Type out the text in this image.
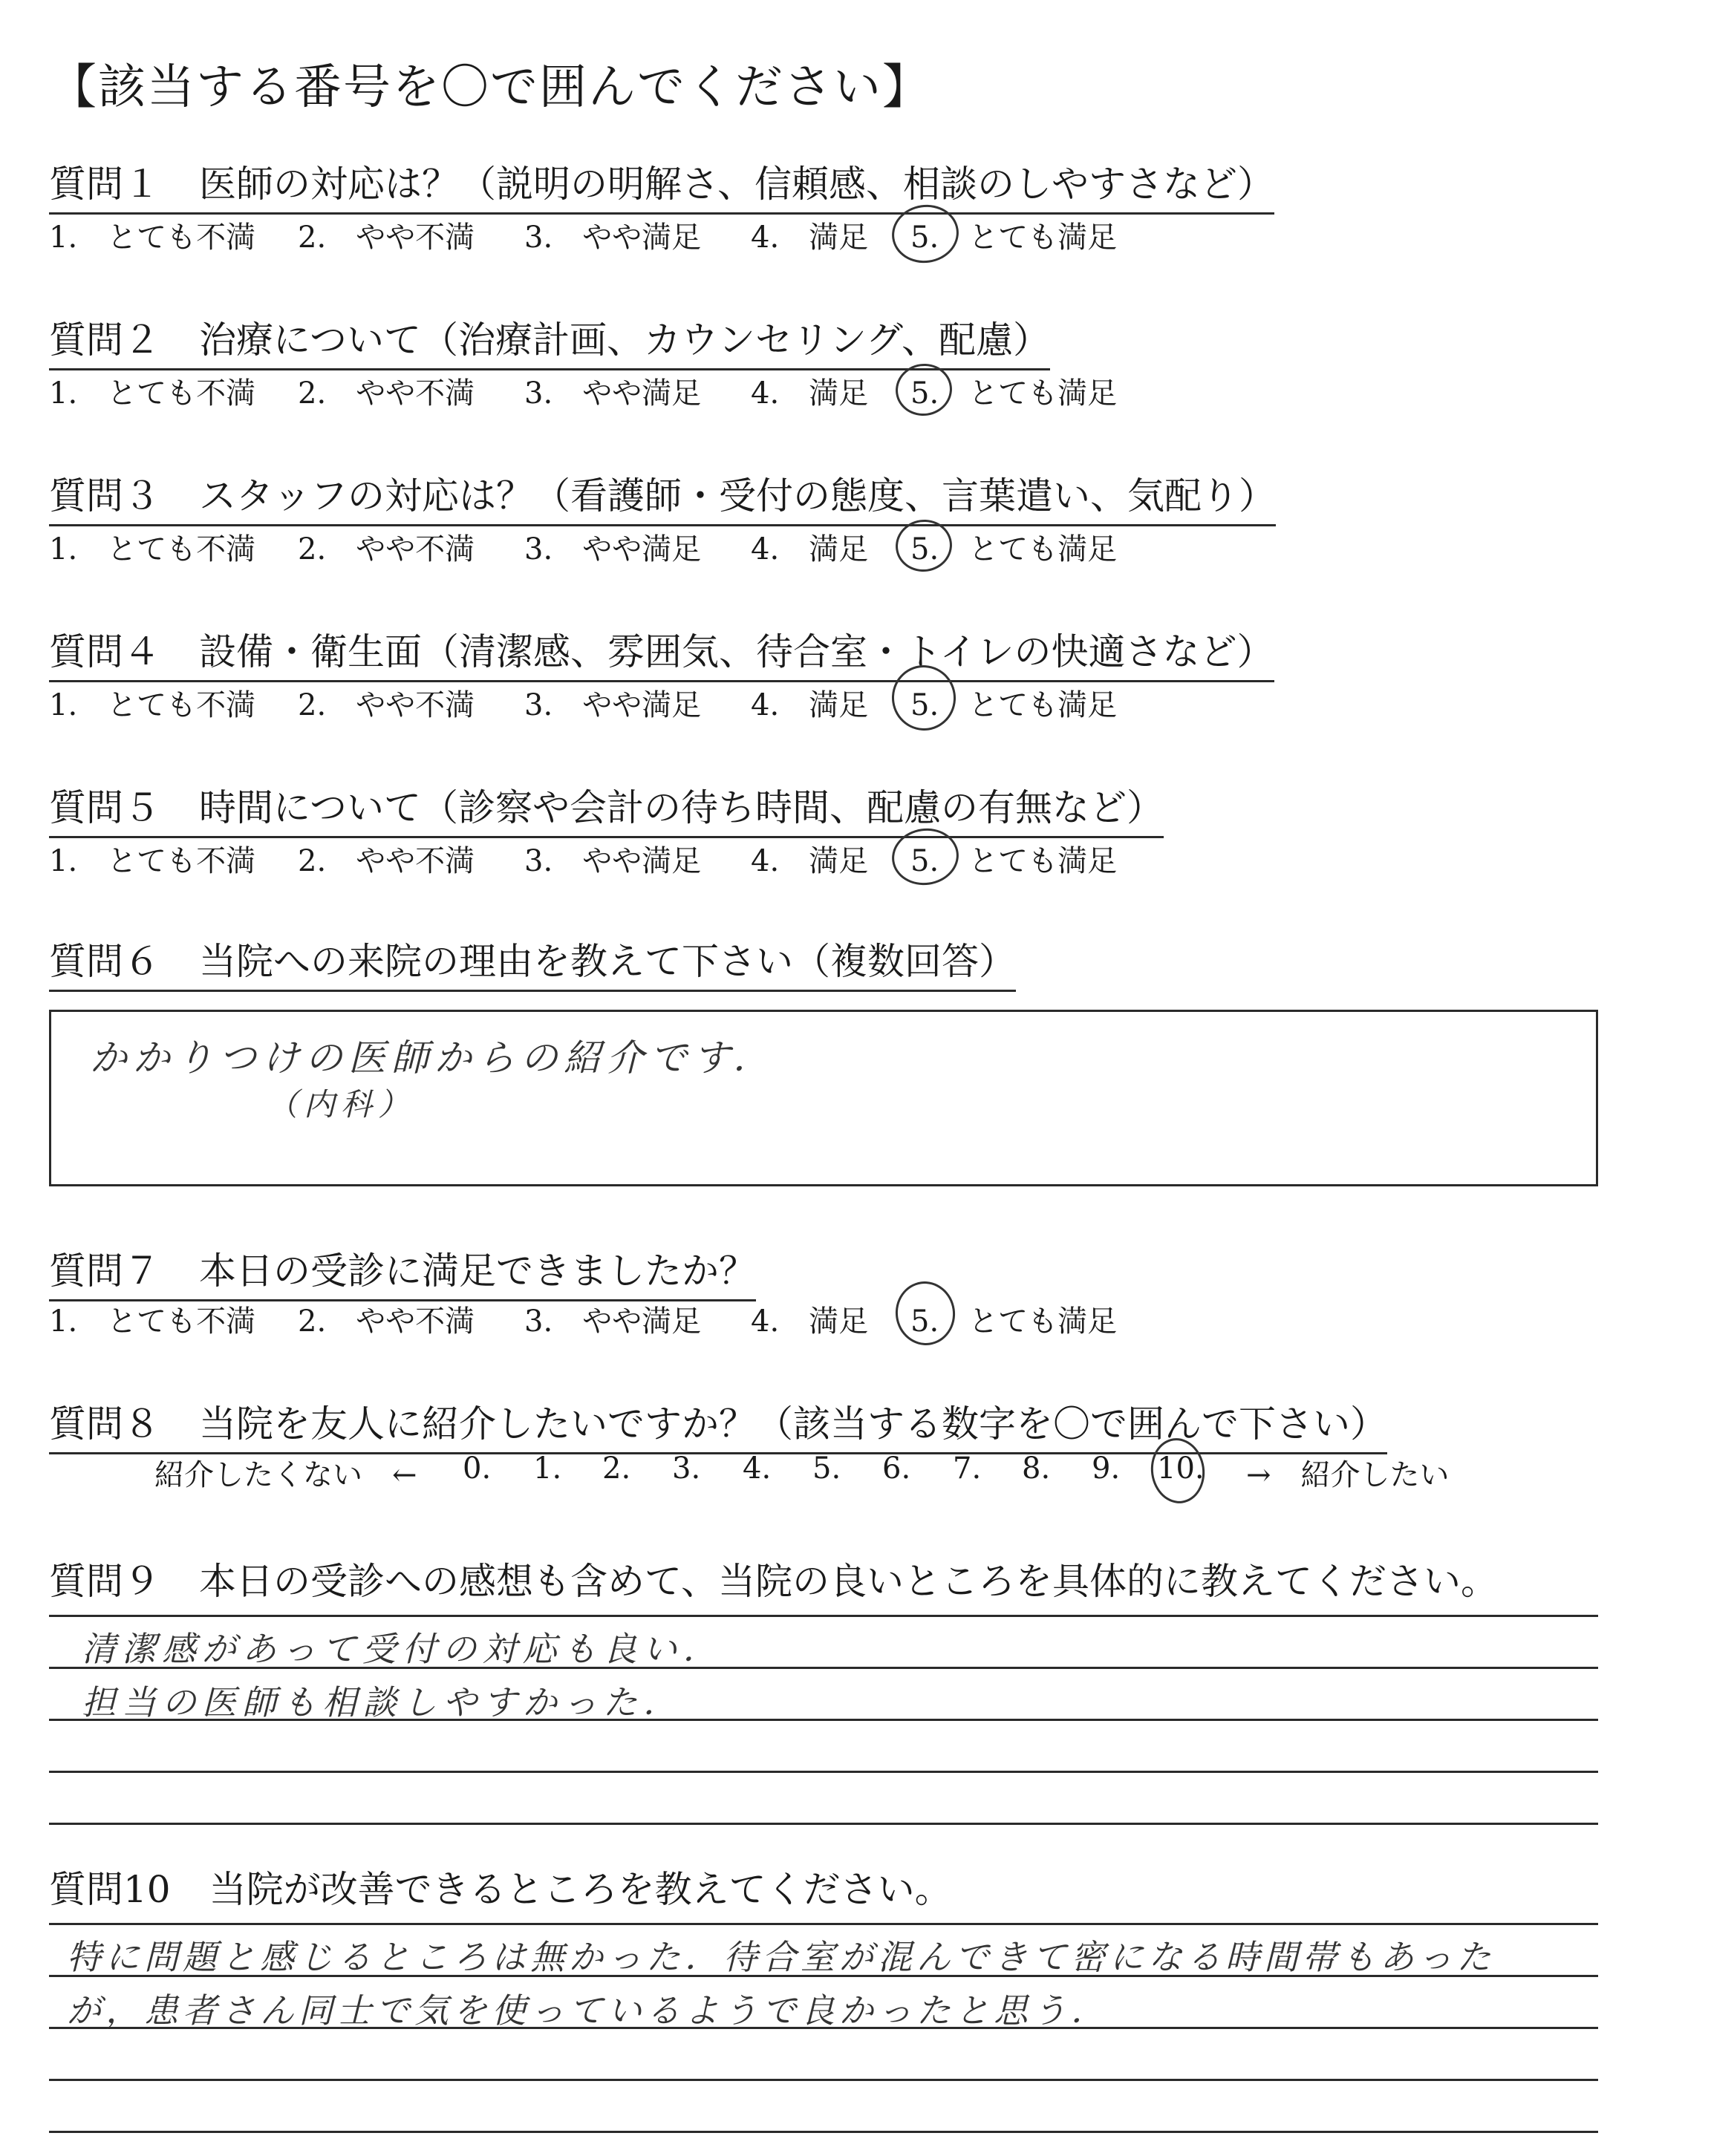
【該当する番号を〇で囲んでください】
質問１ 医師の対応は？（説明の明解さ、信頼感、相談のしやすさなど）
1.　とても不満 2.　やや不満 3.　やや満足 4.　満足 5.　とても満足
質問２ 治療について（治療計画、カウンセリング、配慮）
1.　とても不満 2.　やや不満 3.　やや満足 4.　満足 5.　とても満足
質問３ スタッフの対応は？（看護師・受付の態度、言葉遣い、気配り）
1.　とても不満 2.　やや不満 3.　やや満足 4.　満足 5.　とても満足
質問４ 設備・衛生面（清潔感、雰囲気、待合室・トイレの快適さなど）
1.　とても不満 2.　やや不満 3.　やや満足 4.　満足 5.　とても満足
質問５ 時間について（診察や会計の待ち時間、配慮の有無など）
1.　とても不満 2.　やや不満 3.　やや満足 4.　満足 5.　とても満足
質問６ 当院への来院の理由を教えて下さい（複数回答）
かかりつけの医師からの紹介です．
（内科）
質問７ 本日の受診に満足できましたか？
1.　とても不満 2.　やや不満 3.　やや満足 4.　満足 5.　とても満足
質問８ 当院を友人に紹介したいですか？（該当する数字を〇で囲んで下さい）
紹介したくない　← 0. 1. 2. 3. 4. 5. 6. 7. 8. 9. 10. →　紹介したい
質問９ 本日の受診への感想も含めて、当院の良いところを具体的に教えてください。
清潔感があって受付の対応も良い．
担当の医師も相談しやすかった．
質問10 当院が改善できるところを教えてください。
特に問題と感じるところは無かった．待合室が混んできて密になる時間帯もあった
が，患者さん同士で気を使っているようで良かったと思う．
